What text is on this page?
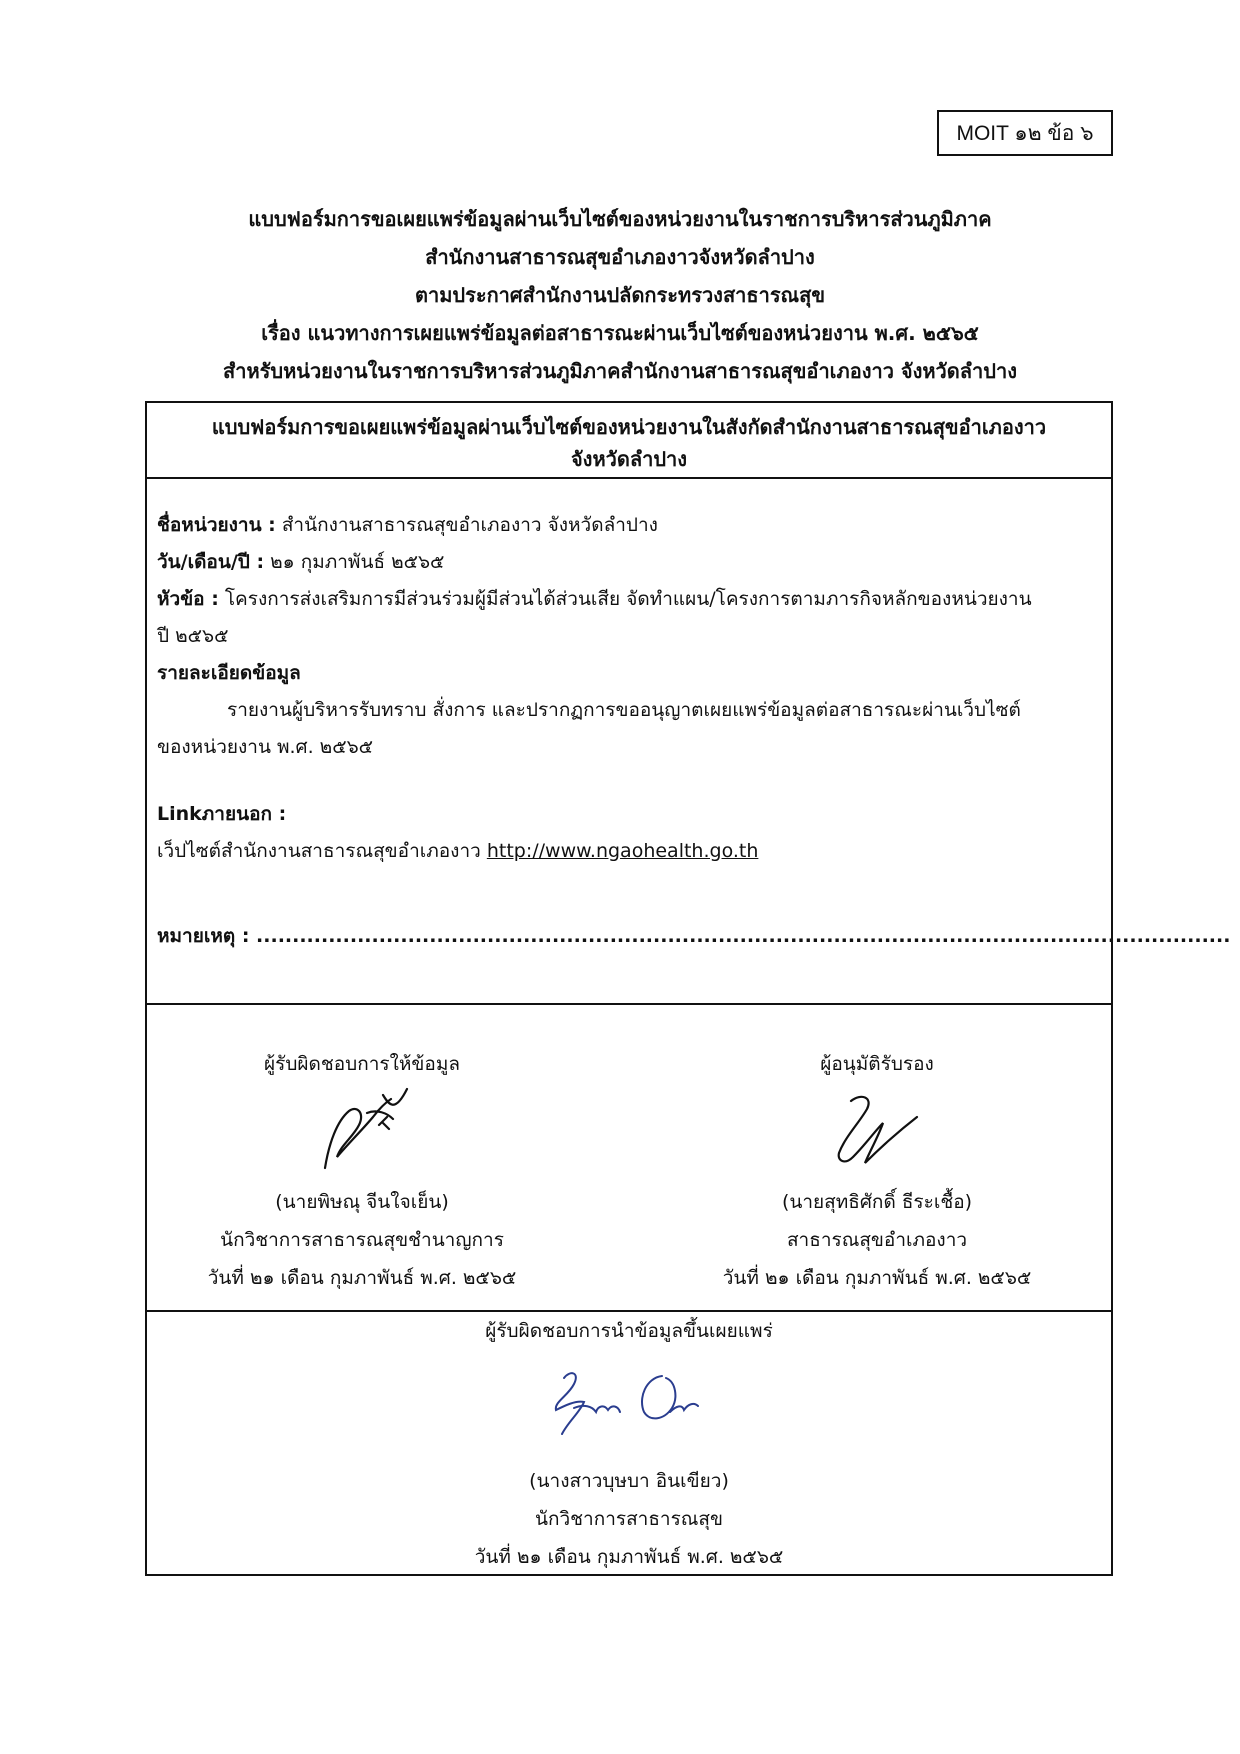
MOIT ๑๒ ข้อ ๖
แบบฟอร์มการขอเผยแพร่ข้อมูลผ่านเว็บไซต์ของหน่วยงานในราชการบริหารส่วนภูมิภาค
สำนักงานสาธารณสุขอำเภองาวจังหวัดลำปาง
ตามประกาศสำนักงานปลัดกระทรวงสาธารณสุข
เรื่อง แนวทางการเผยแพร่ข้อมูลต่อสาธารณะผ่านเว็บไซต์ของหน่วยงาน พ.ศ. ๒๕๖๕
สำหรับหน่วยงานในราชการบริหารส่วนภูมิภาคสำนักงานสาธารณสุขอำเภองาว จังหวัดลำปาง
แบบฟอร์มการขอเผยแพร่ข้อมูลผ่านเว็บไซต์ของหน่วยงานในสังกัดสำนักงานสาธารณสุขอำเภองาว
จังหวัดลำปาง
ชื่อหน่วยงาน : สำนักงานสาธารณสุขอำเภองาว จังหวัดลำปาง
วัน/เดือน/ปี : ๒๑ กุมภาพันธ์ ๒๕๖๕
หัวข้อ : โครงการส่งเสริมการมีส่วนร่วมผู้มีส่วนได้ส่วนเสีย จัดทำแผน/โครงการตามภารกิจหลักของหน่วยงาน
ปี ๒๕๖๕
รายละเอียดข้อมูล
รายงานผู้บริหารรับทราบ สั่งการ และปรากฏการขออนุญาตเผยแพร่ข้อมูลต่อสาธารณะผ่านเว็บไซต์
ของหน่วยงาน พ.ศ. ๒๕๖๕
Linkภายนอก :
เว็ปไซต์สำนักงานสาธารณสุขอำเภองาว http://www.ngaohealth.go.th
หมายเหตุ : .......................................................................................................................................
ผู้รับผิดชอบการให้ข้อมูล
(นายพิษณุ จีนใจเย็น)
นักวิชาการสาธารณสุขชำนาญการ
วันที่ ๒๑ เดือน กุมภาพันธ์ พ.ศ. ๒๕๖๕
ผู้อนุมัติรับรอง
(นายสุทธิศักดิ์ ธีระเชื้อ)
สาธารณสุขอำเภองาว
วันที่ ๒๑ เดือน กุมภาพันธ์ พ.ศ. ๒๕๖๕
ผู้รับผิดชอบการนำข้อมูลขึ้นเผยแพร่
(นางสาวบุษบา อินเขียว)
นักวิชาการสาธารณสุข
วันที่ ๒๑ เดือน กุมภาพันธ์ พ.ศ. ๒๕๖๕
